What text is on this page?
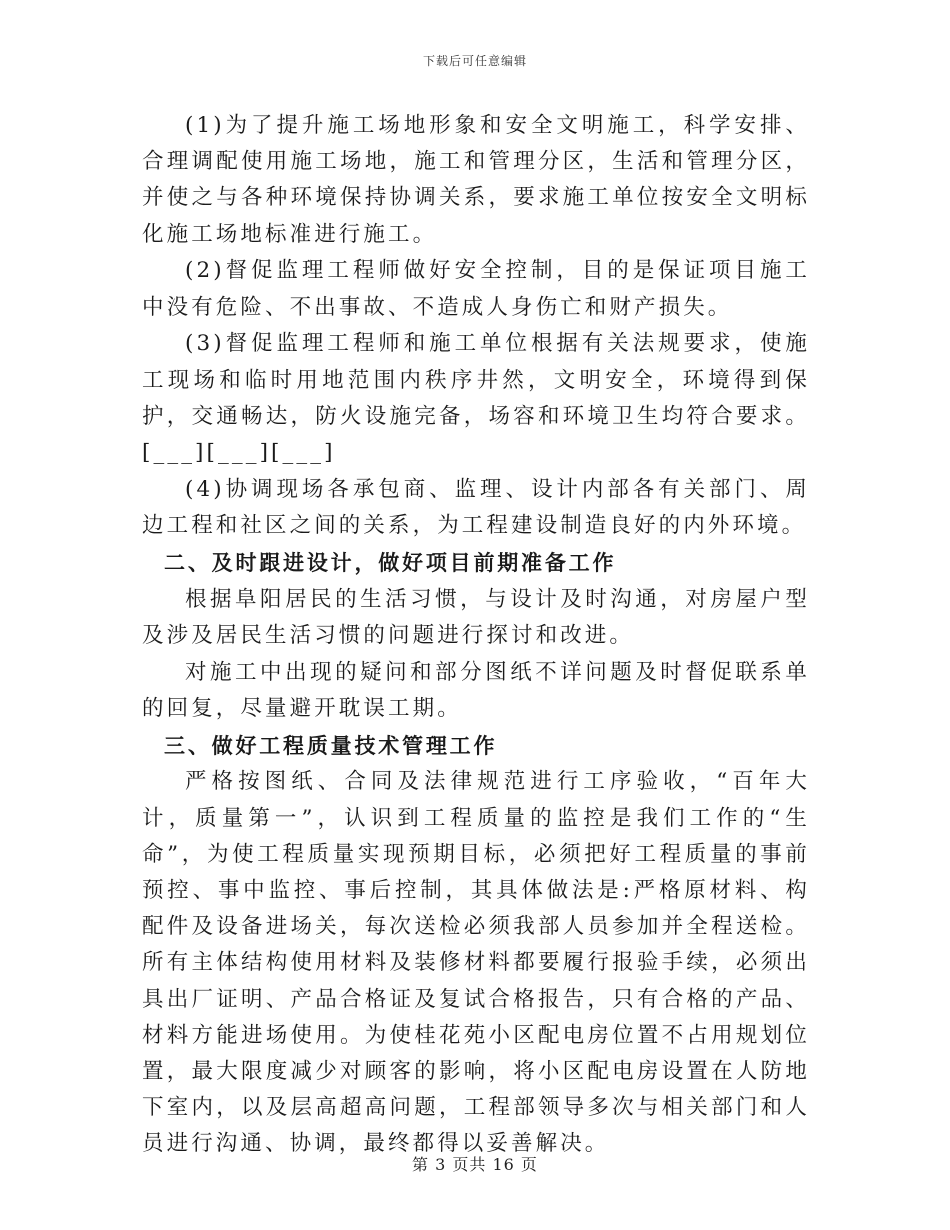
下载后可任意编辑

(1)为了提升施工场地形象和安全文明施工，科学安排、合理调配使用施工场地，施工和管理分区，生活和管理分区，并使之与各种环境保持协调关系，要求施工单位按安全文明标化施工场地标准进行施工。

(2)督促监理工程师做好安全控制，目的是保证项目施工中没有危险、不出事故、不造成人身伤亡和财产损失。

(3)督促监理工程师和施工单位根据有关法规要求，使施工现场和临时用地范围内秩序井然，文明安全，环境得到保护，交通畅达，防火设施完备，场容和环境卫生均符合要求。[___][___][___]

(4)协调现场各承包商、监理、设计内部各有关部门、周边工程和社区之间的关系，为工程建设制造良好的内外环境。

二、及时跟进设计，做好项目前期准备工作

根据阜阳居民的生活习惯，与设计及时沟通，对房屋户型及涉及居民生活习惯的问题进行探讨和改进。

对施工中出现的疑问和部分图纸不详问题及时督促联系单的回复，尽量避开耽误工期。

三、做好工程质量技术管理工作

严格按图纸、合同及法律规范进行工序验收，“百年大计，质量第一”，认识到工程质量的监控是我们工作的“生命”，为使工程质量实现预期目标，必须把好工程质量的事前预控、事中监控、事后控制，其具体做法是:严格原材料、构配件及设备进场关，每次送检必须我部人员参加并全程送检。所有主体结构使用材料及装修材料都要履行报验手续，必须出具出厂证明、产品合格证及复试合格报告，只有合格的产品、材料方能进场使用。为使桂花苑小区配电房位置不占用规划位置，最大限度减少对顾客的影响，将小区配电房设置在人防地下室内，以及层高超高问题，工程部领导多次与相关部门和人员进行沟通、协调，最终都得以妥善解决。

第 3 页共 16 页
